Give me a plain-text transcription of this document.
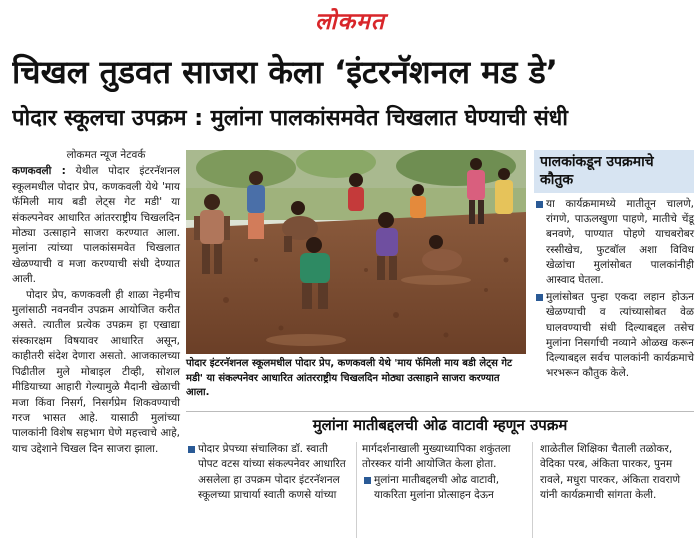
लोकमत
चिखल तुडवत साजरा केला ‘इंटरनॅशनल मड डे’
पोदार स्कूलचा उपक्रम : मुलांना पालकांसमवेत चिखलात घेण्याची संधी
लोकमत न्यूज नेटवर्क

कणकवली : येथील पोदार इंटरनॅशनल स्कूलमधील पोदार प्रेप, कणकवली येथे 'माय फॅमिली माय बडी लेट्स गेट मडी' या संकल्पनेवर आधारित आंतरराष्ट्रीय चिखलदिन मोठ्या उत्साहाने साजरा करण्यात आला. मुलांना त्यांच्या पालकांसमवेत चिखलात खेळण्याची व मजा करण्याची संधी देण्यात आली.

पोदार प्रेप, कणकवली ही शाळा नेहमीच मुलांसाठी नवनवीन उपक्रम आयोजित करीत असते. त्यातील प्रत्येक उपक्रम हा एखाद्या संस्कारक्षम विषयावर आधारित असून, काहीतरी संदेश देणारा असतो. आजकालच्या पिढीतील मुले मोबाइल टीव्ही, सोशल मीडियाच्या आहारी गेल्यामुळे मैदानी खेळाची मजा किंवा निसर्ग, निसर्गप्रेम शिकवण्याची गरज भासत आहे. यासाठी मुलांच्या पालकांनी विशेष सहभाग घेणे महत्त्वाचे आहे, याच उद्देशाने चिखल दिन साजरा झाला.

पोदार इंटरनॅशनल स्कूलमधील पोदार प्रेप, कणकवली येथे 'माय फॅमिली माय बडी लेट्स गेट मडी' या संकल्पनेवर आधारित आंतरराष्ट्रीय चिखलदिन मोठ्या उत्साहाने साजरा करण्यात आला.
पालकांकडून उपक्रमाचे कौतुक
या कार्यक्रमामध्ये मातीतून चालणे, रांगणे, पाऊलखुणा पाहणे, मातीचे चेंडू बनवणे, पाण्यात पोहणे याचबरोबर रस्सीखेच, फुटबॉल अशा विविध खेळांचा मुलांसोबत पालकांनीही आस्वाद घेतला.
मुलांसोबत पुन्हा एकदा लहान होऊन खेळण्याची व त्यांच्यासोबत वेळ घालवण्याची संधी दिल्याबद्दल तसेच मुलांना निसर्गाची नव्याने ओळख करून दिल्याबद्दल सर्वच पालकांनी कार्यक्रमाचे भरभरून कौतुक केले.
मुलांना मातीबद्दलची ओढ वाटावी म्हणून उपक्रम
पोदार प्रेपच्या संचालिका डॉ. स्वाती पोपट वटस यांच्या संकल्पनेवर आधारित असलेला हा उपक्रम पोदार इंटरनॅशनल स्कूलच्या प्राचार्या स्वाती कणसे यांच्या

मार्गदर्शनाखाली मुख्याध्यापिका शकुंतला तोरस्कर यांनी आयोजित केला होता.

मुलांना मातीबद्दलची ओढ वाटावी, याकरिता मुलांना प्रोत्साहन देऊन

शाळेतील शिक्षिका चैताली तळोकर, वेदिका परब, अंकिता पारकर, पुनम रावले, मधुरा पारकर, अंकिता रावराणे यांनी कार्यक्रमाची सांगता केली.
